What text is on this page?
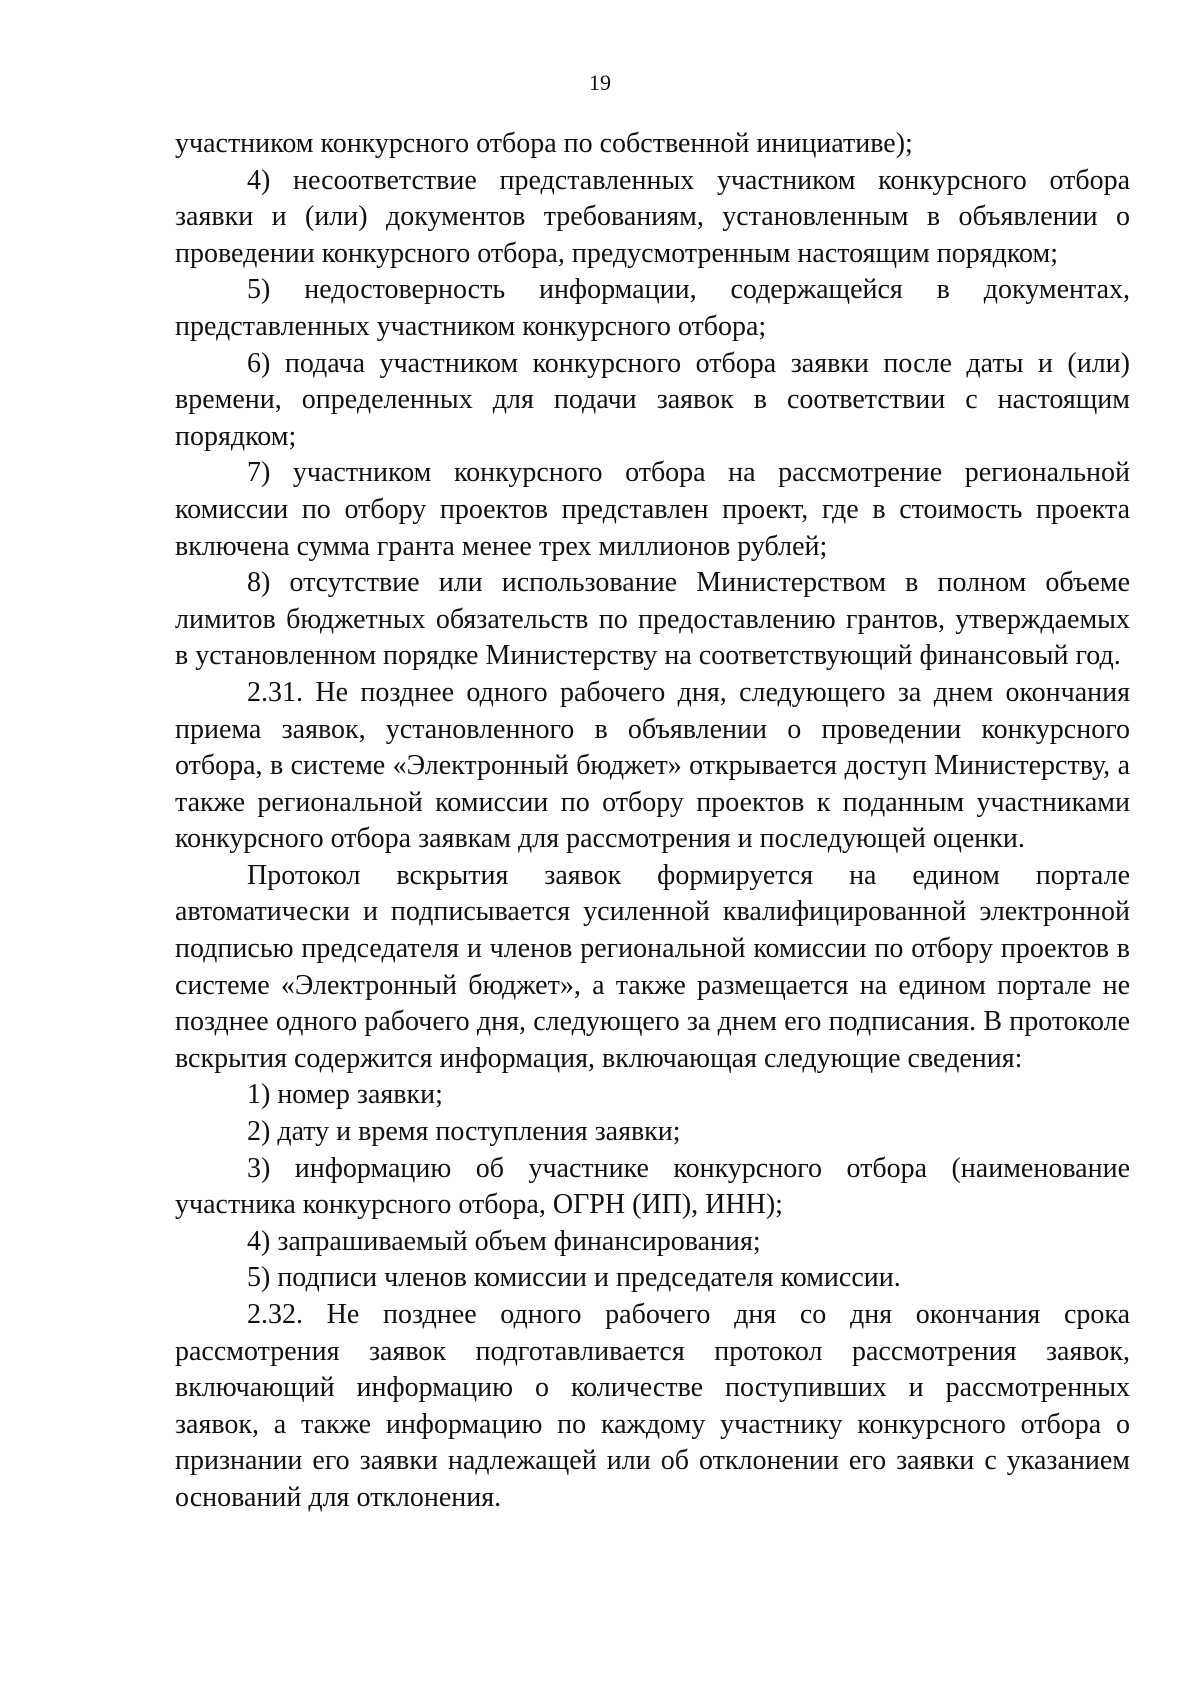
19

участником конкурсного отбора по собственной инициативе);

4) несоответствие представленных участником конкурсного отбора заявки и (или) документов требованиям, установленным в объявлении о проведении конкурсного отбора, предусмотренным настоящим порядком;

5) недостоверность информации, содержащейся в документах, представленных участником конкурсного отбора;

6) подача участником конкурсного отбора заявки после даты и (или) времени, определенных для подачи заявок в соответствии с настоящим порядком;

7) участником конкурсного отбора на рассмотрение региональной комиссии по отбору проектов представлен проект, где в стоимость проекта включена сумма гранта менее трех миллионов рублей;

8) отсутствие или использование Министерством в полном объеме лимитов бюджетных обязательств по предоставлению грантов, утверждаемых в установленном порядке Министерству на соответствующий финансовый год.

2.31. Не позднее одного рабочего дня, следующего за днем окончания приема заявок, установленного в объявлении о проведении конкурсного отбора, в системе «Электронный бюджет» открывается доступ Министерству, а также региональной комиссии по отбору проектов к поданным участниками конкурсного отбора заявкам для рассмотрения и последующей оценки.

Протокол вскрытия заявок формируется на едином портале автоматически и подписывается усиленной квалифицированной электронной подписью председателя и членов региональной комиссии по отбору проектов в системе «Электронный бюджет», а также размещается на едином портале не позднее одного рабочего дня, следующего за днем его подписания. В протоколе вскрытия содержится информация, включающая следующие сведения:

1) номер заявки;

2) дату и время поступления заявки;

3) информацию об участнике конкурсного отбора (наименование участника конкурсного отбора, ОГРН (ИП), ИНН);

4) запрашиваемый объем финансирования;

5) подписи членов комиссии и председателя комиссии.

2.32. Не позднее одного рабочего дня со дня окончания срока рассмотрения заявок подготавливается протокол рассмотрения заявок, включающий информацию о количестве поступивших и рассмотренных заявок, а также информацию по каждому участнику конкурсного отбора о признании его заявки надлежащей или об отклонении его заявки с указанием оснований для отклонения.
